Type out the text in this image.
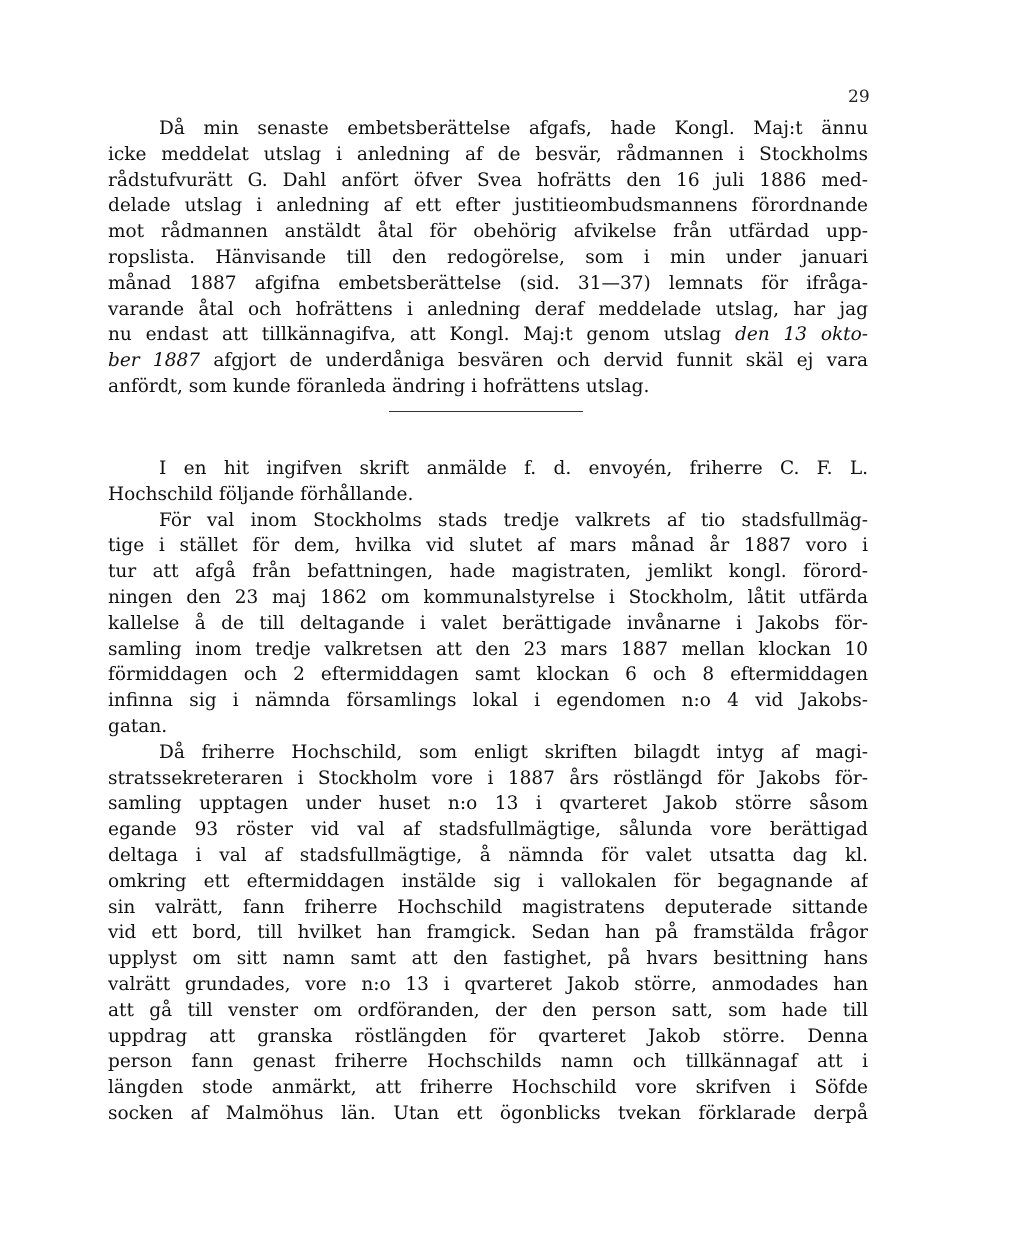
29
Då min senaste embetsberättelse afgafs, hade Kongl. Maj:t ännu
icke meddelat utslag i anledning af de besvär, rådmannen i Stockholms
rådstufvurätt G. Dahl anfört öfver Svea hofrätts den 16 juli 1886 med-
delade utslag i anledning af ett efter justitieombudsmannens förordnande
mot rådmannen anstäldt åtal för obehörig afvikelse från utfärdad upp-
ropslista. Hänvisande till den redogörelse, som i min under januari
månad 1887 afgifna embetsberättelse (sid. 31—37) lemnats för ifråga-
varande åtal och hofrättens i anledning deraf meddelade utslag, har jag
nu endast att tillkännagifva, att Kongl. Maj:t genom utslag den 13 okto-
ber 1887 afgjort de underdåniga besvären och dervid funnit skäl ej vara
anfördt, som kunde föranleda ändring i hofrättens utslag.
I en hit ingifven skrift anmälde f. d. envoyén, friherre C. F. L.
Hochschild följande förhållande.
För val inom Stockholms stads tredje valkrets af tio stadsfullmäg-
tige i stället för dem, hvilka vid slutet af mars månad år 1887 voro i
tur att afgå från befattningen, hade magistraten, jemlikt kongl. förord-
ningen den 23 maj 1862 om kommunalstyrelse i Stockholm, låtit utfärda
kallelse å de till deltagande i valet berättigade invånarne i Jakobs för-
samling inom tredje valkretsen att den 23 mars 1887 mellan klockan 10
förmiddagen och 2 eftermiddagen samt klockan 6 och 8 eftermiddagen
infinna sig i nämnda församlings lokal i egendomen n:o 4 vid Jakobs-
gatan.
Då friherre Hochschild, som enligt skriften bilagdt intyg af magi-
stratssekreteraren i Stockholm vore i 1887 års röstlängd för Jakobs för-
samling upptagen under huset n:o 13 i qvarteret Jakob större såsom
egande 93 röster vid val af stadsfullmägtige, sålunda vore berättigad
deltaga i val af stadsfullmägtige, å nämnda för valet utsatta dag kl.
omkring ett eftermiddagen instälde sig i vallokalen för begagnande af
sin valrätt, fann friherre Hochschild magistratens deputerade sittande
vid ett bord, till hvilket han framgick. Sedan han på framstälda frågor
upplyst om sitt namn samt att den fastighet, på hvars besittning hans
valrätt grundades, vore n:o 13 i qvarteret Jakob större, anmodades han
att gå till venster om ordföranden, der den person satt, som hade till
uppdrag att granska röstlängden för qvarteret Jakob större. Denna
person fann genast friherre Hochschilds namn och tillkännagaf att i
längden stode anmärkt, att friherre Hochschild vore skrifven i Söfde
socken af Malmöhus län. Utan ett ögonblicks tvekan förklarade derpå
